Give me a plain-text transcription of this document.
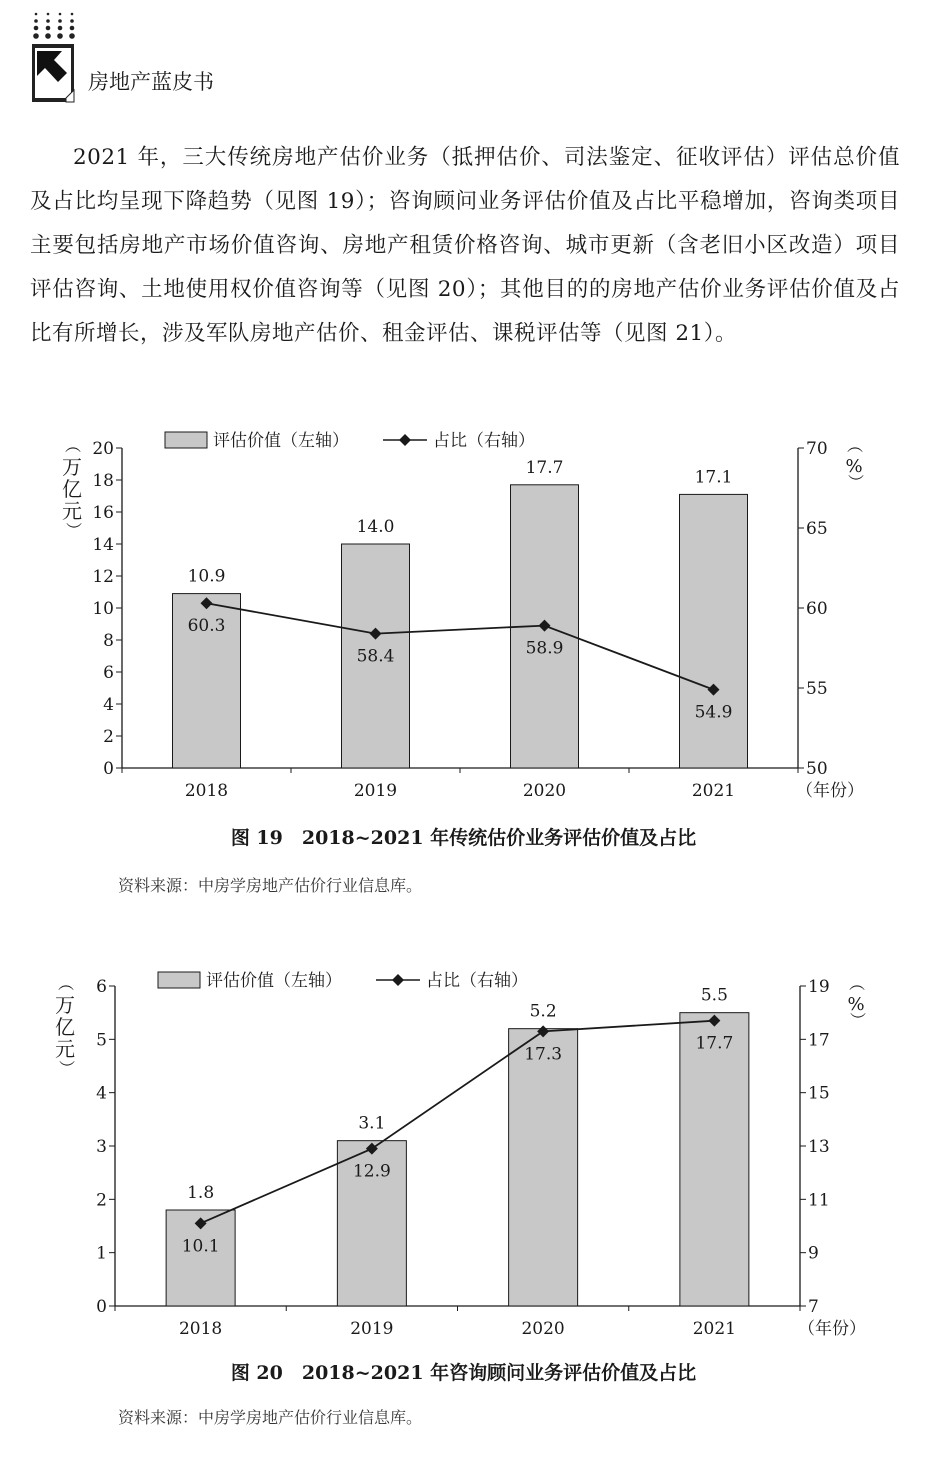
房地产蓝皮书

2021 年，三大传统房地产估价业务（抵押估价、司法鉴定、征收评估）评估总价值及占比均呈现下降趋势（见图 19）；咨询顾问业务评估价值及占比平稳增加，咨询类项目主要包括房地产市场价值咨询、房地产租赁价格咨询、城市更新（含老旧小区改造）项目评估咨询、土地使用权价值咨询等（见图 20）；其他目的的房地产估价业务评估价值及占比有所增长，涉及军队房地产估价、租金评估、课税评估等（见图 21）。

评估价值（左轴）	占比（右轴）
0
2
4
6
8
10
12
14
16
18
20
50
55
60
65
70
（
万
亿
元
）
（
%
）
10.9
14.0
17.7	17.1
60.3
58.4	58.9
54.9
2018	2019	2020	2021	（年份）
图 19　2018~2021 年传统估价业务评估价值及占比
资料来源：中房学房地产估价行业信息库。
评估价值（左轴）	占比（右轴）
0
1
2
3
4
5
6
7
9
11
13
15
17
19
（
万
亿
元
）
（
%
）
1.8
3.1
5.2
5.5
10.1
12.9
17.3
17.7
2018	2019	2020	2021	（年份）
图 20　2018~2021 年咨询顾问业务评估价值及占比
资料来源：中房学房地产估价行业信息库。
